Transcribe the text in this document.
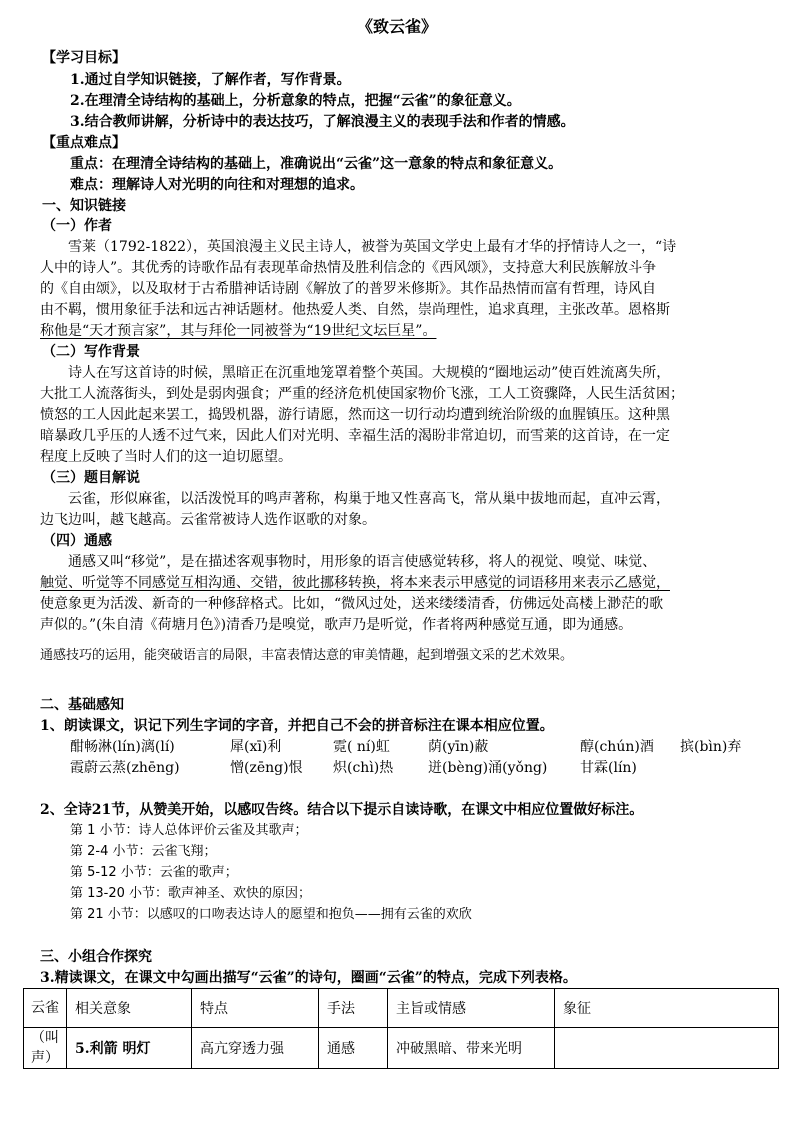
《致云雀》
【学习目标】
1.通过自学知识链接，了解作者，写作背景。
2.在理清全诗结构的基础上，分析意象的特点，把握“云雀”的象征意义。
3.结合教师讲解，分析诗中的表达技巧，了解浪漫主义的表现手法和作者的情感。
【重点难点】
重点：在理清全诗结构的基础上，准确说出“云雀”这一意象的特点和象征意义。
难点：理解诗人对光明的向往和对理想的追求。
一、知识链接
（一）作者
雪莱（1792-1822），英国浪漫主义民主诗人，被誉为英国文学史上最有才华的抒情诗人之一，“诗
人中的诗人”。其优秀的诗歌作品有表现革命热情及胜利信念的《西风颂》，支持意大利民族解放斗争
的《自由颂》，以及取材于古希腊神话诗剧《解放了的普罗米修斯》。其作品热情而富有哲理，诗风自
由不羁，惯用象征手法和远古神话题材。他热爱人类、自然，崇尚理性，追求真理，主张改革。恩格斯
称他是“天才预言家”，其与拜伦一同被誉为“19世纪文坛巨星”。
（二）写作背景
诗人在写这首诗的时候，黑暗正在沉重地笼罩着整个英国。大规模的“圈地运动”使百姓流离失所，
大批工人流落街头，到处是弱肉强食；严重的经济危机使国家物价飞涨，工人工资骤降，人民生活贫困；
愤怒的工人因此起来罢工，捣毁机器，游行请愿，然而这一切行动均遭到统治阶级的血腥镇压。这种黑
暗暴政几乎压的人透不过气来，因此人们对光明、幸福生活的渴盼非常迫切，而雪莱的这首诗，在一定
程度上反映了当时人们的这一迫切愿望。
（三）题目解说
云雀，形似麻雀，以活泼悦耳的鸣声著称，构巢于地又性喜高飞，常从巢中拔地而起，直冲云霄，
边飞边叫，越飞越高。云雀常被诗人选作讴歌的对象。
（四）通感
通感又叫“移觉”，是在描述客观事物时，用形象的语言使感觉转移，将人的视觉、嗅觉、味觉、
触觉、听觉等不同感觉互相沟通、交错，彼此挪移转换，将本来表示甲感觉的词语移用来表示乙感觉，
使意象更为活泼、新奇的一种修辞格式。比如，“微风过处，送来缕缕清香，仿佛远处高楼上渺茫的歌
声似的。”(朱自清《荷塘月色》)清香乃是嗅觉，歌声乃是听觉，作者将两种感觉互通，即为通感。
通感技巧的运用，能突破语言的局限，丰富表情达意的审美情趣，起到增强文采的艺术效果。
二、基础感知
1、朗读课文，识记下列生字词的字音，并把自己不会的拼音标注在课本相应位置。
酣畅淋(lín)漓(lí)	犀(xī)利	霓( ní)虹	荫(yīn)蔽	醇(chún)酒 摈(bìn)弃
霞蔚云蒸(zhēng)	憎(zēng)恨 炽(chì)热 迸(bèng)涌(yǒng) 甘霖(lín)
2、全诗21节，从赞美开始，以感叹告终。结合以下提示自读诗歌，在课文中相应位置做好标注。
第 1 小节：诗人总体评价云雀及其歌声；
第 2-4 小节：云雀飞翔；
第 5-12 小节：云雀的歌声；
第 13-20 小节：歌声神圣、欢快的原因；
第 21 小节：以感叹的口吻表达诗人的愿望和抱负——拥有云雀的欢欣
三、小组合作探究
3.精读课文，在课文中勾画出描写“云雀”的诗句，圈画“云雀”的特点，完成下列表格。
云雀	相关意象	特点	手法	主旨或情感	象征

（叫
声）	5.利箭 明灯	高亢穿透力强	通感	冲破黑暗、带来光明	
